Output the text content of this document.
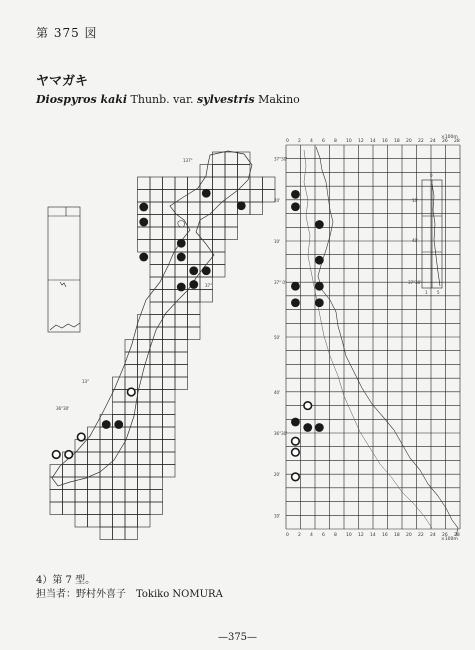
第 375 図
ヤマガキ
Diospyros kaki Thunb. var. sylvestris Makino
37°
36°30'
13°
137°
0 2 4 6 8 10 12 14 16 18 20 22 24 26 28
0 2 4 6 8 10 12 14 16 18 20 22 24 26 28
37°30'
20'
10'
37° 0'
50'
40'
36°30'
20'
10'
×100m
×100m
10'
40'
37°30'
1 5
0
4）第 7 型。
担当者：野村外喜子　Tokiko NOMURA
—375—
